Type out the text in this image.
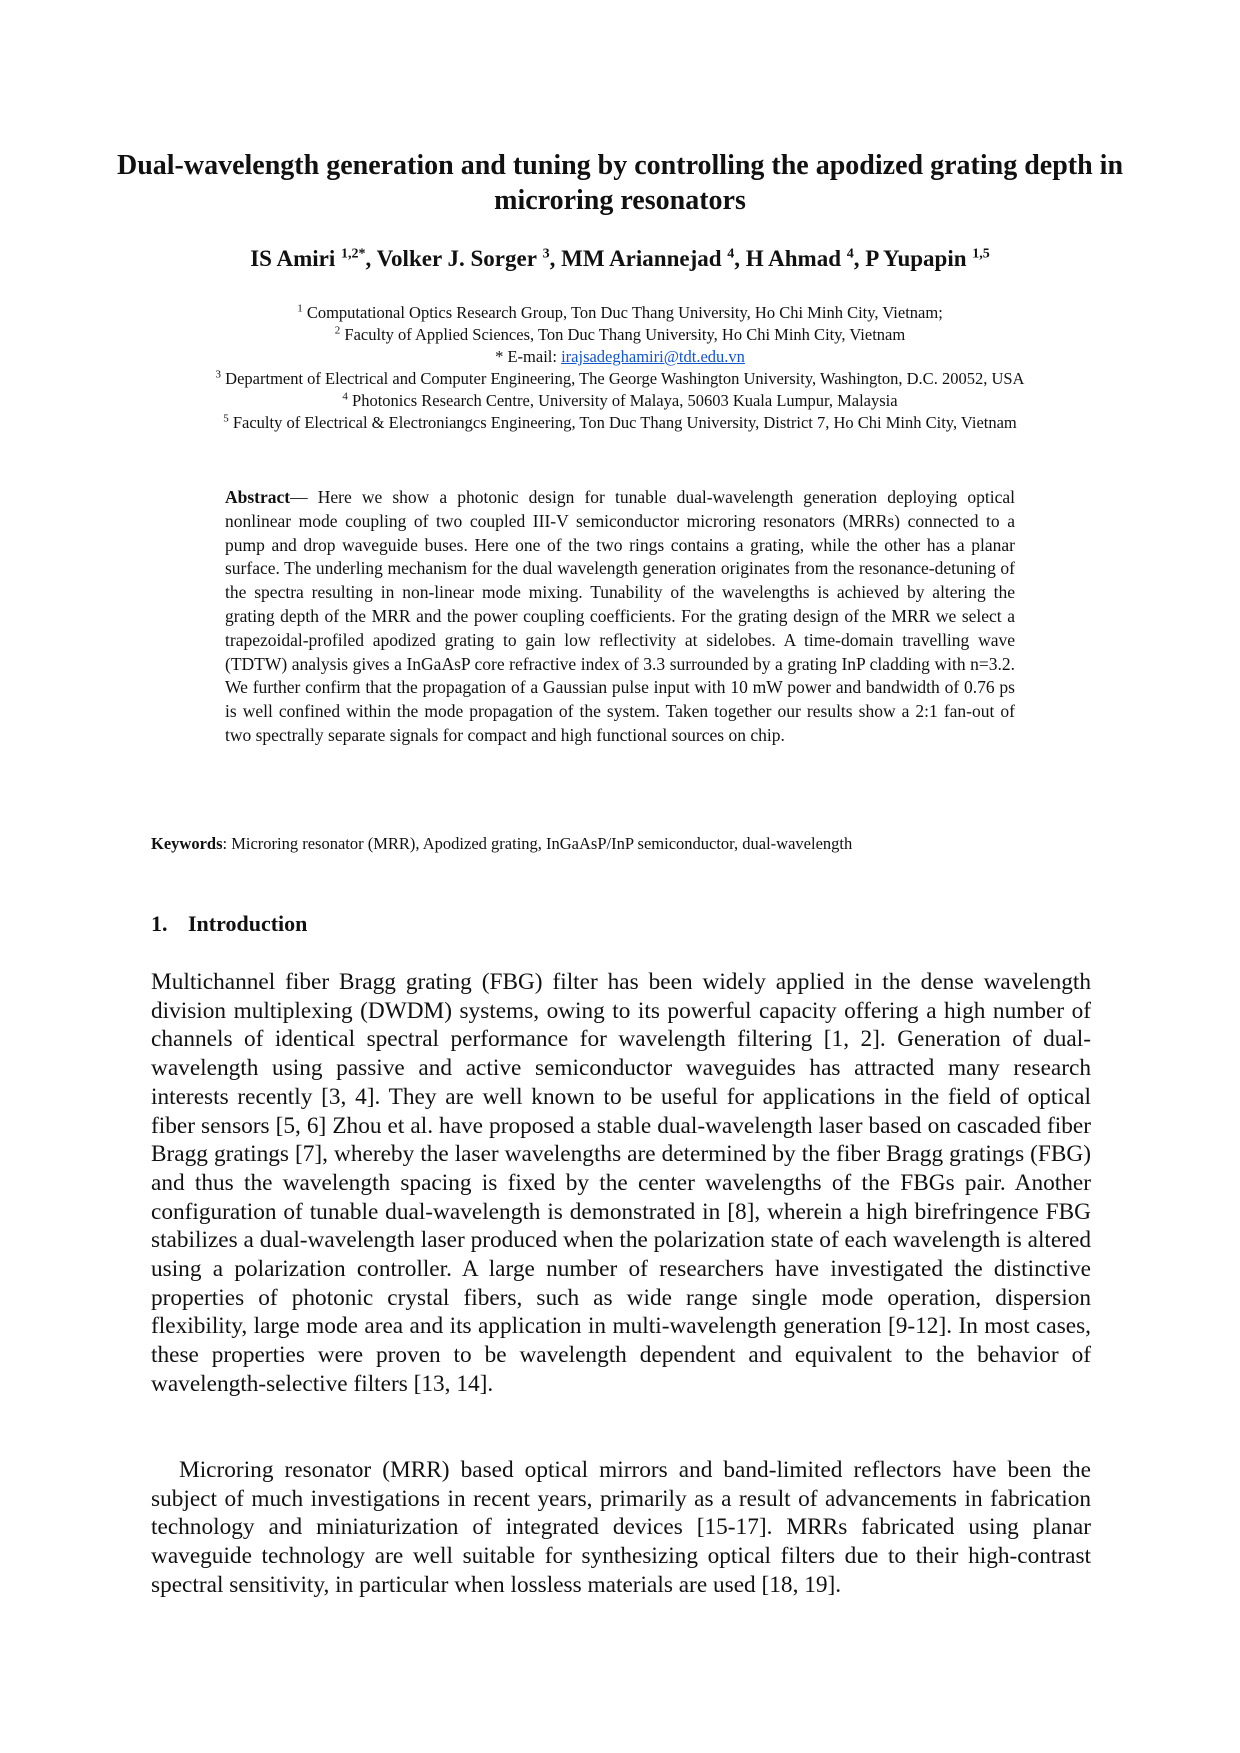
Dual-wavelength generation and tuning by controlling the apodized grating depth in microring resonators
IS Amiri $^{1,2*}$, Volker J. Sorger $^3$, MM Ariannejad $^4$, H Ahmad $^4$, P Yupapin $^{1,5}$
$^1$ Computational Optics Research Group, Ton Duc Thang University, Ho Chi Minh City, Vietnam;
$^2$ Faculty of Applied Sciences, Ton Duc Thang University, Ho Chi Minh City, Vietnam
* E-mail: irajsadeghamiri@tdt.edu.vn
$^3$ Department of Electrical and Computer Engineering, The George Washington University, Washington, D.C. 20052, USA
$^4$ Photonics Research Centre, University of Malaya, 50603 Kuala Lumpur, Malaysia
$^5$ Faculty of Electrical & Electroniangcs Engineering, Ton Duc Thang University, District 7, Ho Chi Minh City, Vietnam

Abstract— Here we show a photonic design for tunable dual-wavelength generation deploying optical nonlinear mode coupling of two coupled III-V semiconductor microring resonators (MRRs) connected to a pump and drop waveguide buses. Here one of the two rings contains a grating, while the other has a planar surface. The underling mechanism for the dual wavelength generation originates from the resonance-detuning of the spectra resulting in non-linear mode mixing. Tunability of the wavelengths is achieved by altering the grating depth of the MRR and the power coupling coefficients. For the grating design of the MRR we select a trapezoidal-profiled apodized grating to gain low reflectivity at sidelobes. A time-domain travelling wave (TDTW) analysis gives a InGaAsP core refractive index of 3.3 surrounded by a grating InP cladding with n=3.2. We further confirm that the propagation of a Gaussian pulse input with 10 mW power and bandwidth of 0.76 ps is well confined within the mode propagation of the system. Taken together our results show a 2:1 fan-out of two spectrally separate signals for compact and high functional sources on chip.

Keywords: Microring resonator (MRR), Apodized grating, InGaAsP/InP semiconductor, dual-wavelength
1. Introduction

Multichannel fiber Bragg grating (FBG) filter has been widely applied in the dense wavelength division multiplexing (DWDM) systems, owing to its powerful capacity offering a high number of channels of identical spectral performance for wavelength filtering [1, 2]. Generation of dual-wavelength using passive and active semiconductor waveguides has attracted many research interests recently [3, 4]. They are well known to be useful for applications in the field of optical fiber sensors [5, 6] Zhou et al. have proposed a stable dual-wavelength laser based on cascaded fiber Bragg gratings [7], whereby the laser wavelengths are determined by the fiber Bragg gratings (FBG) and thus the wavelength spacing is fixed by the center wavelengths of the FBGs pair. Another configuration of tunable dual-wavelength is demonstrated in [8], wherein a high birefringence FBG stabilizes a dual-wavelength laser produced when the polarization state of each wavelength is altered using a polarization controller. A large number of researchers have investigated the distinctive properties of photonic crystal fibers, such as wide range single mode operation, dispersion flexibility, large mode area and its application in multi-wavelength generation [9-12]. In most cases, these properties were proven to be wavelength dependent and equivalent to the behavior of wavelength-selective filters [13, 14].

Microring resonator (MRR) based optical mirrors and band-limited reflectors have been the subject of much investigations in recent years, primarily as a result of advancements in fabrication technology and miniaturization of integrated devices [15-17]. MRRs fabricated using planar waveguide technology are well suitable for synthesizing optical filters due to their high-contrast spectral sensitivity, in particular when lossless materials are used [18, 19].
